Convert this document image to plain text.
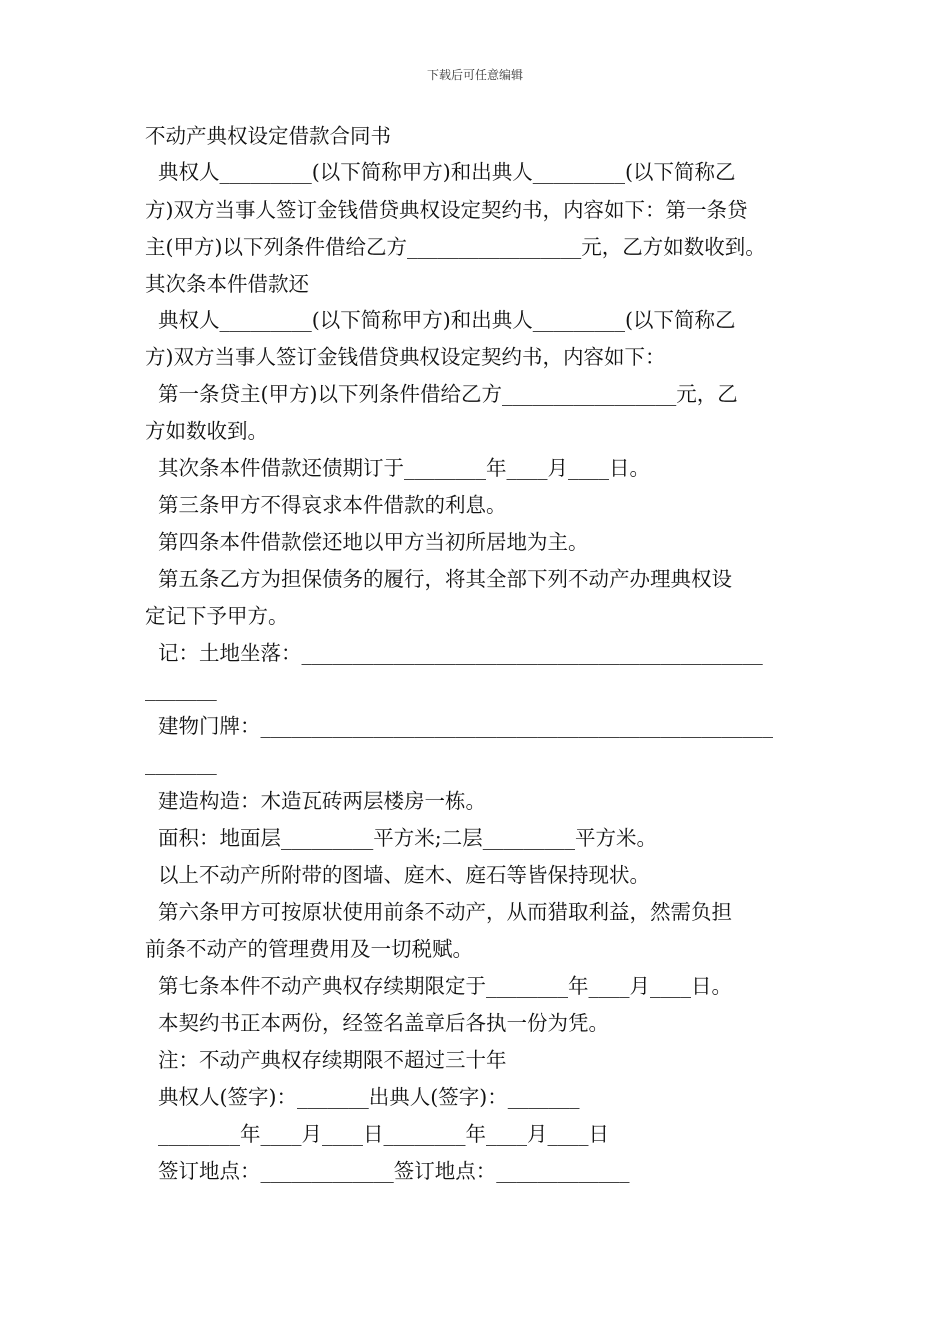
下载后可任意编辑
不动产典权设定借款合同书
典权人_________(以下简称甲方)和出典人_________(以下简称乙
方)双方当事人签订金钱借贷典权设定契约书，内容如下：第一条贷
主(甲方)以下列条件借给乙方_________________元，乙方如数收到。
其次条本件借款还
典权人_________(以下简称甲方)和出典人_________(以下简称乙
方)双方当事人签订金钱借贷典权设定契约书，内容如下：
第一条贷主(甲方)以下列条件借给乙方_________________元，乙
方如数收到。
其次条本件借款还债期订于________年____月____日。
第三条甲方不得哀求本件借款的利息。
第四条本件借款偿还地以甲方当初所居地为主。
第五条乙方为担保债务的履行，将其全部下列不动产办理典权设
定记下予甲方。
记：土地坐落：_____________________________________________
_______
建物门牌：__________________________________________________
_______
建造构造：木造瓦砖两层楼房一栋。
面积：地面层_________平方米;二层_________平方米。
以上不动产所附带的图墙、庭木、庭石等皆保持现状。
第六条甲方可按原状使用前条不动产，从而猎取利益，然需负担
前条不动产的管理费用及一切税赋。
第七条本件不动产典权存续期限定于________年____月____日。
本契约书正本两份，经签名盖章后各执一份为凭。
注：不动产典权存续期限不超过三十年
典权人(签字)：_______出典人(签字)：_______
________年____月____日________年____月____日
签订地点：_____________签订地点：_____________
